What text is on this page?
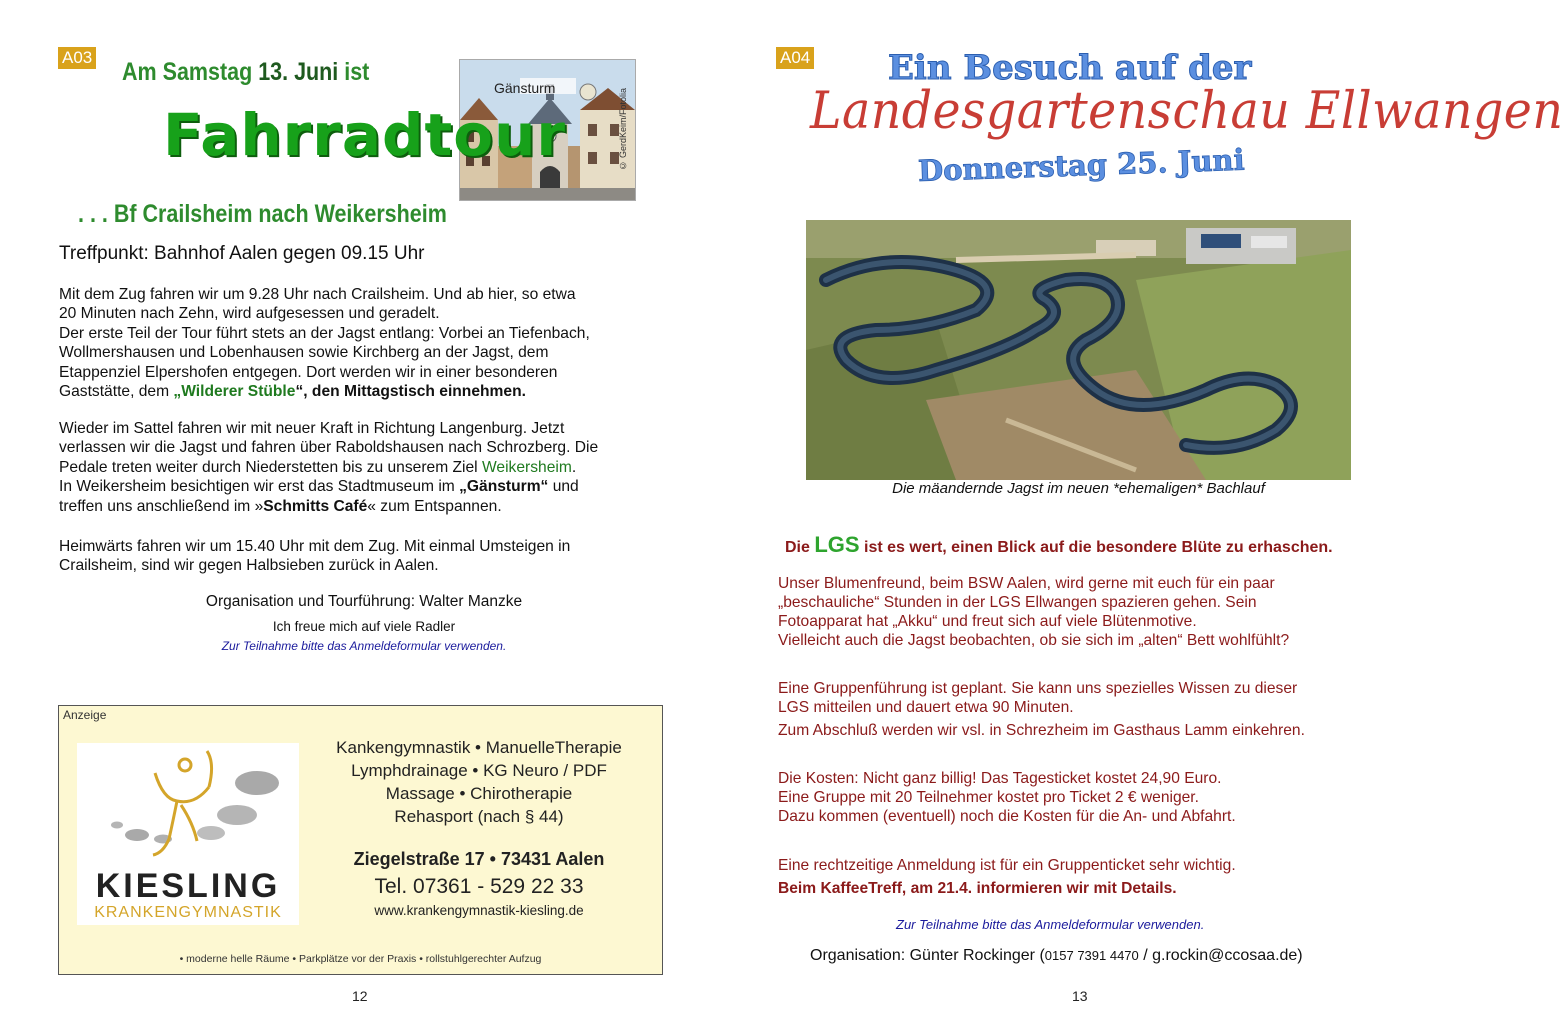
A03
Am Samstag 13. Juni ist
Gänsturm	© GerdKeim/Fotolia
Fahrradtour
. . . Bf Crailsheim nach Weikersheim
Treffpunkt: Bahnhof Aalen gegen 09.15 Uhr

Mit dem Zug fahren wir um 9.28 Uhr nach Crailsheim. Und ab hier, so etwa

20 Minuten nach Zehn, wird aufgesessen und geradelt.

Der erste Teil der Tour führt stets an der Jagst entlang: Vorbei an Tiefenbach,

Wollmershausen und Lobenhausen sowie Kirchberg an der Jagst, dem

Etappenziel Elpershofen entgegen. Dort werden wir in einer besonderen

Gaststätte, dem „Wilderer Stüble“, den Mittagstisch einnehmen.

Wieder im Sattel fahren wir mit neuer Kraft in Richtung Langenburg. Jetzt

verlassen wir die Jagst und fahren über Raboldshausen nach Schrozberg. Die

Pedale treten weiter durch Niederstetten bis zu unserem Ziel Weikersheim.

In Weikersheim besichtigen wir erst das Stadtmuseum im „Gänsturm“ und

treffen uns anschließend im »Schmitts Café« zum Entspannen.

Heimwärts fahren wir um 15.40 Uhr mit dem Zug. Mit einmal Umsteigen in

Crailsheim, sind wir gegen Halbsieben zurück in Aalen.

Organisation und Tourführung: Walter Manzke
Ich freue mich auf viele Radler
Zur Teilnahme bitte das Anmeldeformular verwenden.
Anzeige
KIESLING
KRANKENGYMNASTIK
Kankengymnastik • ManuelleTherapie
Lymphdrainage • KG Neuro / PDF
Massage • Chirotherapie
Rehasport (nach § 44)
Ziegelstraße 17 • 73431 Aalen
Tel. 07361 - 529 22 33
www.krankengymnastik-kiesling.de
• moderne helle Räume • Parkplätze vor der Praxis • rollstuhlgerechter Aufzug
12
A04 Ein Besuch auf der
Landesgartenschau Ellwangen
Donnerstag 25. Juni
Die mäandernde Jagst im neuen *ehemaligen* Bachlauf
Die LGS ist es wert, einen Blick auf die besondere Blüte zu erhaschen.

Unser Blumenfreund, beim BSW Aalen, wird gerne mit euch für ein paar

„beschauliche“ Stunden in der LGS Ellwangen spazieren gehen. Sein

Fotoapparat hat „Akku“ und freut sich auf viele Blütenmotive.

Vielleicht auch die Jagst beobachten, ob sie sich im „alten“ Bett wohlfühlt?

Eine Gruppenführung ist geplant. Sie kann uns spezielles Wissen zu dieser

LGS mitteilen und dauert etwa 90 Minuten.

Zum Abschluß werden wir vsl. in Schrezheim im Gasthaus Lamm einkehren.

Die Kosten: Nicht ganz billig! Das Tagesticket kostet 24,90 Euro.

Eine Gruppe mit 20 Teilnehmer kostet pro Ticket 2 € weniger.

Dazu kommen (eventuell) noch die Kosten für die An- und Abfahrt.

Eine rechtzeitige Anmeldung ist für ein Gruppenticket sehr wichtig.
Beim KaffeeTreff, am 21.4. informieren wir mit Details.
Zur Teilnahme bitte das Anmeldeformular verwenden.
Organisation: Günter Rockinger (0157 7391 4470 / g.rockin@ccosaa.de)
13
